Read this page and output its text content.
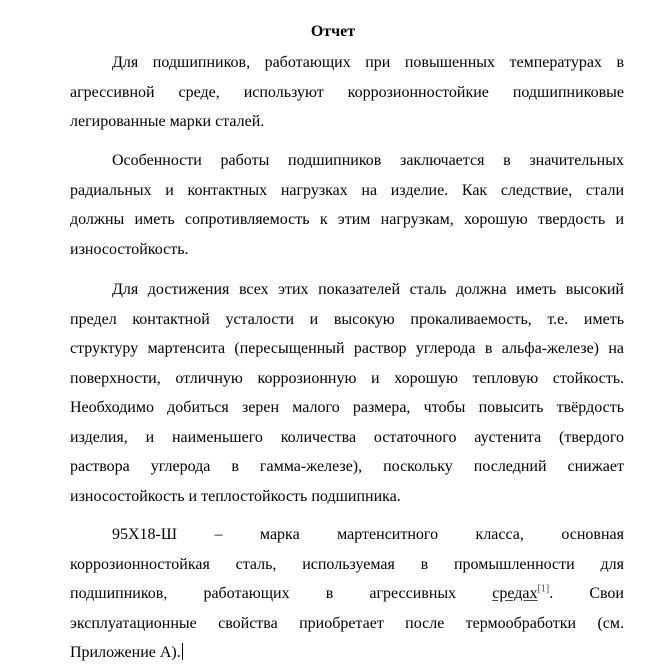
Отчет
Для подшипников, работающих при повышенных температурах в
агрессивной среде, используют коррозионностойкие подшипниковые
легированные марки сталей.
Особенности работы подшипников заключается в значительных
радиальных и контактных нагрузках на изделие. Как следствие, стали
должны иметь сопротивляемость к этим нагрузкам, хорошую твердость и
износостойкость.
Для достижения всех этих показателей сталь должна иметь высокий
предел контактной усталости и высокую прокаливаемость, т.е. иметь
структуру мартенсита (пересыщенный раствор углерода в альфа-железе) на
поверхности, отличную коррозионную и хорошую тепловую стойкость.
Необходимо добиться зерен малого размера, чтобы повысить твёрдость
изделия, и наименьшего количества остаточного аустенита (твердого
раствора углерода в гамма-железе), поскольку последний снижает
износостойкость и теплостойкость подшипника.
95Х18-Ш – марка мартенситного класса, основная
коррозионностойкая сталь, используемая в промышленности для
подшипников, работающих в агрессивных средах[1]. Свои
эксплуатационные свойства приобретает после термообработки (см.
Приложение А).
